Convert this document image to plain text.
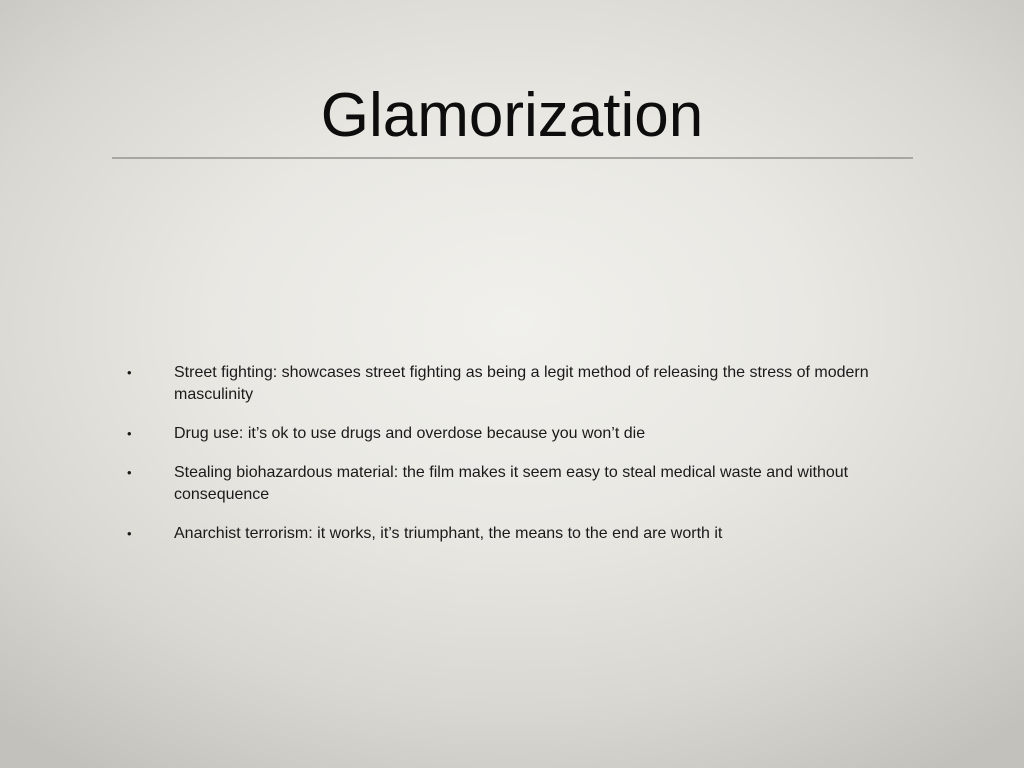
Glamorization
•	Street fighting: showcases street fighting as being a legit method of releasing the stress of modern masculinity
•	Drug use: it’s ok to use drugs and overdose because you won’t die
•	Stealing biohazardous material: the film makes it seem easy to steal medical waste and without consequence
•	Anarchist terrorism: it works, it’s triumphant, the means to the end are worth it
